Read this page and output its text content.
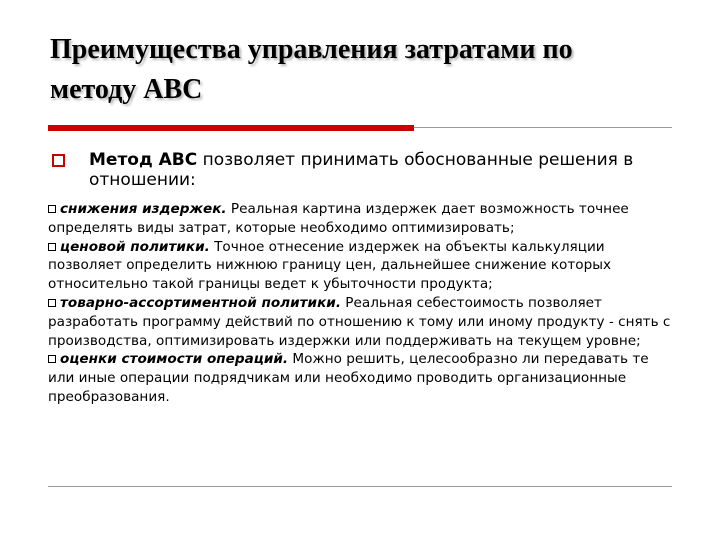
Преимущества управления затратами по
методу АВС
Метод АВС позволяет принимать обоснованные решения в отношении:
снижения издержек. Реальная картина издержек дает возможность точнее определять виды затрат, которые необходимо оптимизировать;
ценовой политики. Точное отнесение издержек на объекты калькуляции позволяет определить нижнюю границу цен, дальнейшее снижение которых относительно такой границы ведет к убыточности продукта;
товарно-ассортиментной политики. Реальная себестоимость позволяет разработать программу действий по отношению к тому или иному продукту - снять с производства, оптимизировать издержки или поддерживать на текущем уровне;
оценки стоимости операций. Можно решить, целесообразно ли передавать те или иные операции подрядчикам или необходимо проводить организационные преобразования.
